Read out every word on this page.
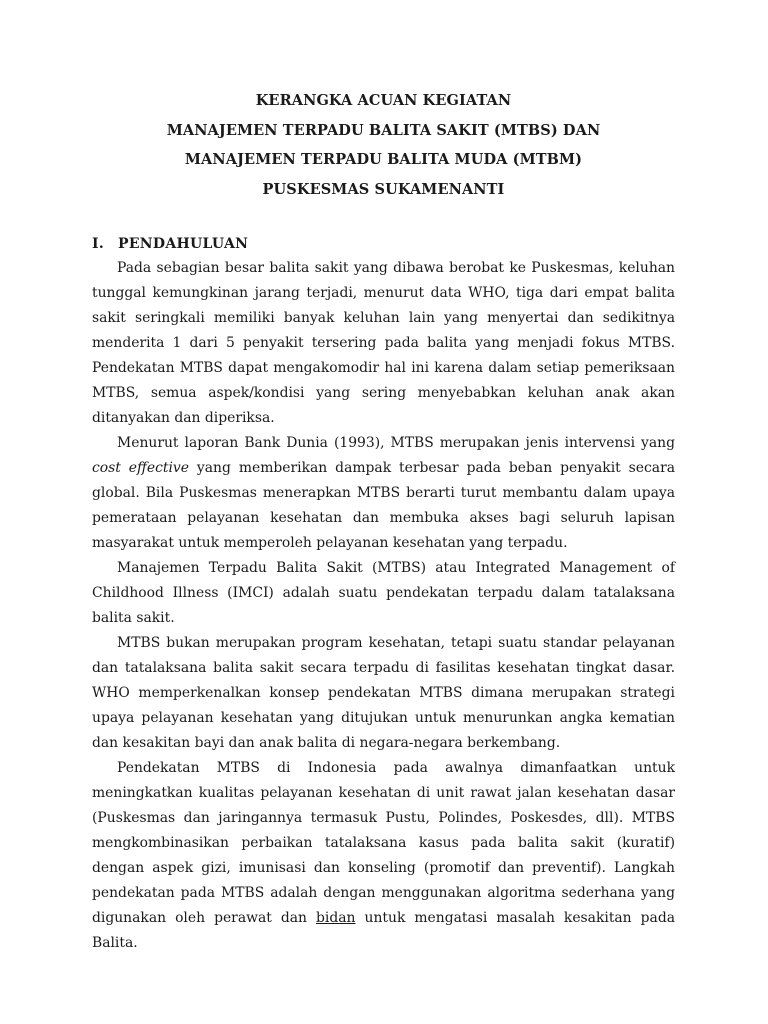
KERANGKA ACUAN KEGIATAN
MANAJEMEN TERPADU BALITA SAKIT (MTBS) DAN
MANAJEMEN TERPADU BALITA MUDA (MTBM)
PUSKESMAS SUKAMENANTI
I. PENDAHULUAN

Pada sebagian besar balita sakit yang dibawa berobat ke Puskesmas, keluhan tunggal kemungkinan jarang terjadi, menurut data WHO, tiga dari empat balita sakit seringkali memiliki banyak keluhan lain yang menyertai dan sedikitnya menderita 1 dari 5 penyakit tersering pada balita yang menjadi fokus MTBS. Pendekatan MTBS dapat mengakomodir hal ini karena dalam setiap pemeriksaan MTBS, semua aspek/kondisi yang sering menyebabkan keluhan anak akan ditanyakan dan diperiksa.

Menurut laporan Bank Dunia (1993), MTBS merupakan jenis intervensi yang cost effective yang memberikan dampak terbesar pada beban penyakit secara global. Bila Puskesmas menerapkan MTBS berarti turut membantu dalam upaya pemerataan pelayanan kesehatan dan membuka akses bagi seluruh lapisan masyarakat untuk memperoleh pelayanan kesehatan yang terpadu.

Manajemen Terpadu Balita Sakit (MTBS) atau Integrated Management of Childhood Illness (IMCI) adalah suatu pendekatan terpadu dalam tatalaksana balita sakit.

MTBS bukan merupakan program kesehatan, tetapi suatu standar pelayanan dan tatalaksana balita sakit secara terpadu di fasilitas kesehatan tingkat dasar. WHO memperkenalkan konsep pendekatan MTBS dimana merupakan strategi upaya pelayanan kesehatan yang ditujukan untuk menurunkan angka kematian dan kesakitan bayi dan anak balita di negara-negara berkembang.

Pendekatan MTBS di Indonesia pada awalnya dimanfaatkan untuk meningkatkan kualitas pelayanan kesehatan di unit rawat jalan kesehatan dasar (Puskesmas dan jaringannya termasuk Pustu, Polindes, Poskesdes, dll). MTBS mengkombinasikan perbaikan tatalaksana kasus pada balita sakit (kuratif) dengan aspek gizi, imunisasi dan konseling (promotif dan preventif). Langkah pendekatan pada MTBS adalah dengan menggunakan algoritma sederhana yang digunakan oleh perawat dan bidan untuk mengatasi masalah kesakitan pada Balita.
